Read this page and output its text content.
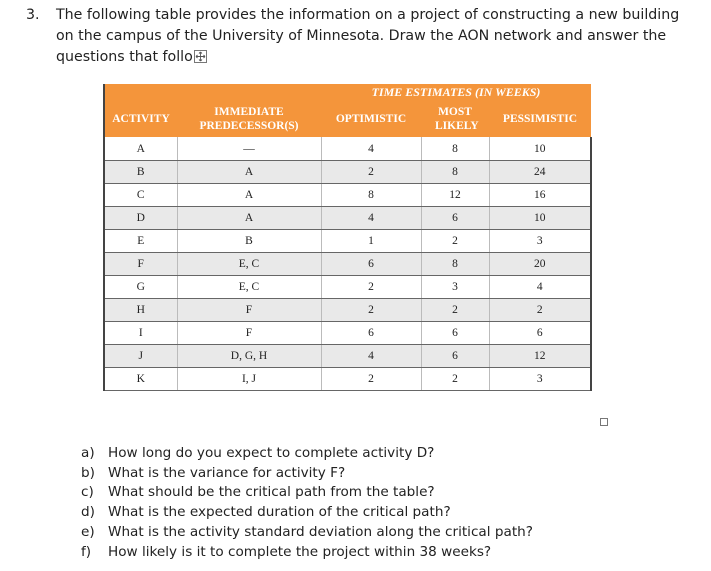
3. The following table provides the information on a project of constructing a new building on the campus of the University of Minnesota. Draw the AON network and answer the questions that follo
		TIME ESTIMATES (IN WEEKS)		
ACTIVITY	IMMEDIATE PREDECESSOR(S)	OPTIMISTIC	MOST LIKELY	PESSIMISTIC
A	—	4	8	10
B	A	2	8	24
C	A	8	12	16
D	A	4	6	10
E	B	1	2	3
F	E, C	6	8	20
G	E, C	2	3	4
H	F	2	2	2
I	F	6	6	6
J	D, G, H	4	6	12
K	I, J	2	2	3
a) How long do you expect to complete activity D?
b) What is the variance for activity F?
c) What should be the critical path from the table?
d) What is the expected duration of the critical path?
e) What is the activity standard deviation along the critical path?
f) How likely is it to complete the project within 38 weeks?
